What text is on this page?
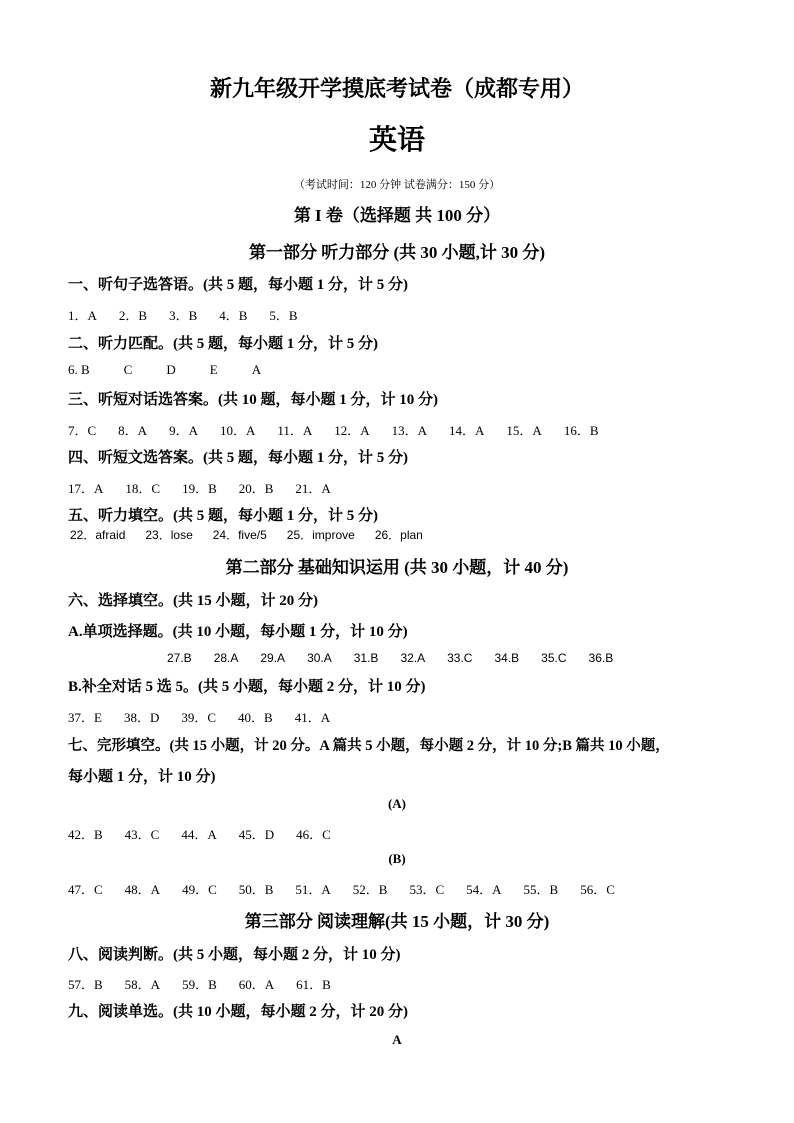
新九年级开学摸底考试卷（成都专用）
英语
（考试时间：120 分钟 试卷满分：150 分）
第 I 卷（选择题 共 100 分）
第一部分 听力部分 (共 30 小题,计 30 分)
一、听句子选答语。(共 5 题，每小题 1 分，计 5 分)
1．A 2．B 3．B 4．B 5．B
二、听力匹配。(共 5 题，每小题 1 分，计 5 分)
6. B	C	D	E	A
三、听短对话选答案。(共 10 题，每小题 1 分，计 10 分)
7．C 8．A 9．A 10．A 11．A 12．A 13．A 14．A 15．A 16．B
四、听短文选答案。(共 5 题，每小题 1 分，计 5 分)
17．A 18．C 19．B 20．B 21．A
五、听力填空。(共 5 题，每小题 1 分，计 5 分)
22．afraid 23．lose 24．five/5 25．improve 26．plan
第二部分 基础知识运用 (共 30 小题，计 40 分)
六、选择填空。(共 15 小题，计 20 分)
A.单项选择题。(共 10 小题，每小题 1 分，计 10 分)
27.B 28.A 29.A 30.A 31.B 32.A 33.C 34.B 35.C 36.B
B.补全对话 5 选 5。(共 5 小题，每小题 2 分，计 10 分)
37．E 38．D 39．C 40．B 41．A
七、完形填空。(共 15 小题，计 20 分。A 篇共 5 小题，每小题 2 分，计 10 分;B 篇共 10 小题，
每小题 1 分，计 10 分)
(A)
42．B 43．C 44．A 45．D 46．C
(B)
47．C 48．A 49．C 50．B 51．A 52．B 53．C 54．A 55．B 56．C
第三部分 阅读理解(共 15 小题，计 30 分)
八、阅读判断。(共 5 小题，每小题 2 分，计 10 分)
57．B 58．A 59．B 60．A 61．B
九、阅读单选。(共 10 小题，每小题 2 分，计 20 分)
A
